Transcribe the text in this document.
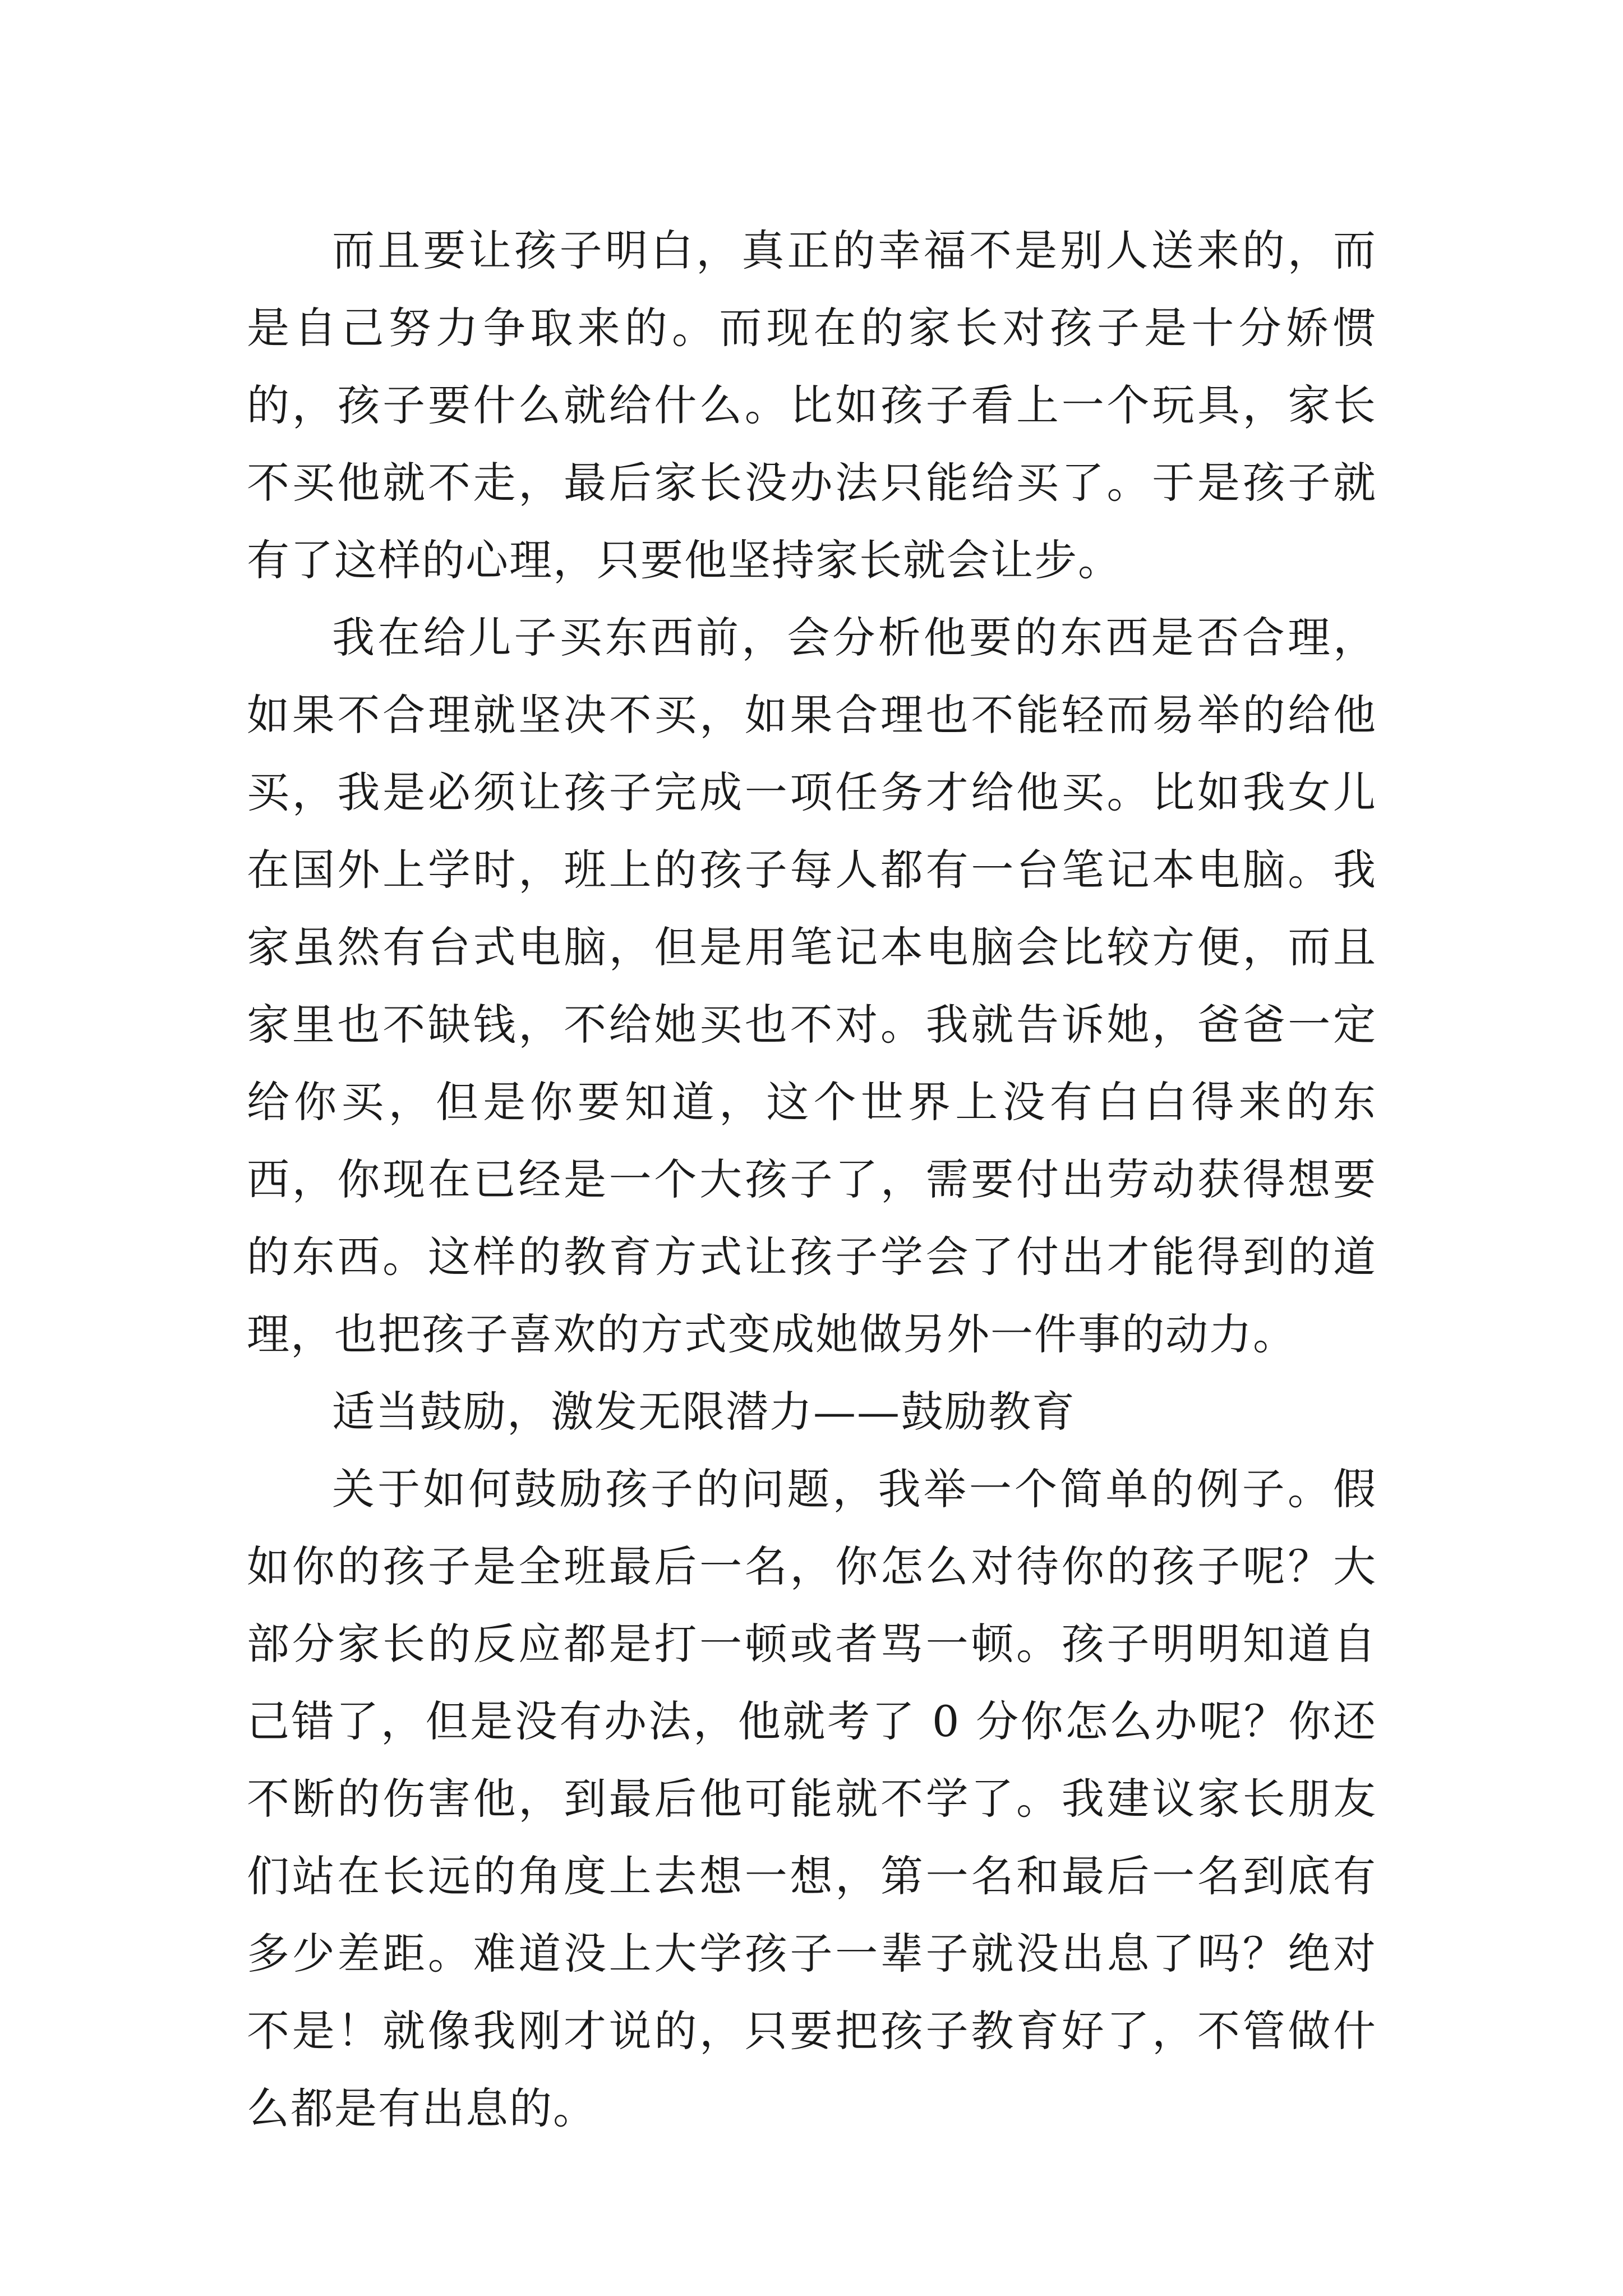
而且要让孩子明白，真正的幸福不是别人送来的，而是自己努力争取来的。而现在的家长对孩子是十分娇惯的，孩子要什么就给什么。比如孩子看上一个玩具，家长不买他就不走，最后家长没办法只能给买了。于是孩子就有了这样的心理，只要他坚持家长就会让步。

我在给儿子买东西前，会分析他要的东西是否合理，如果不合理就坚决不买，如果合理也不能轻而易举的给他买，我是必须让孩子完成一项任务才给他买。比如我女儿在国外上学时，班上的孩子每人都有一台笔记本电脑。我家虽然有台式电脑，但是用笔记本电脑会比较方便，而且家里也不缺钱，不给她买也不对。我就告诉她，爸爸一定给你买，但是你要知道，这个世界上没有白白得来的东西，你现在已经是一个大孩子了，需要付出劳动获得想要的东西。这样的教育方式让孩子学会了付出才能得到的道理，也把孩子喜欢的方式变成她做另外一件事的动力。

适当鼓励，激发无限潜力——鼓励教育

关于如何鼓励孩子的问题，我举一个简单的例子。假如你的孩子是全班最后一名，你怎么对待你的孩子呢？大部分家长的反应都是打一顿或者骂一顿。孩子明明知道自己错了，但是没有办法，他就考了 0 分你怎么办呢？你还不断的伤害他，到最后他可能就不学了。我建议家长朋友们站在长远的角度上去想一想，第一名和最后一名到底有多少差距。难道没上大学孩子一辈子就没出息了吗？绝对不是！就像我刚才说的，只要把孩子教育好了，不管做什么都是有出息的。
